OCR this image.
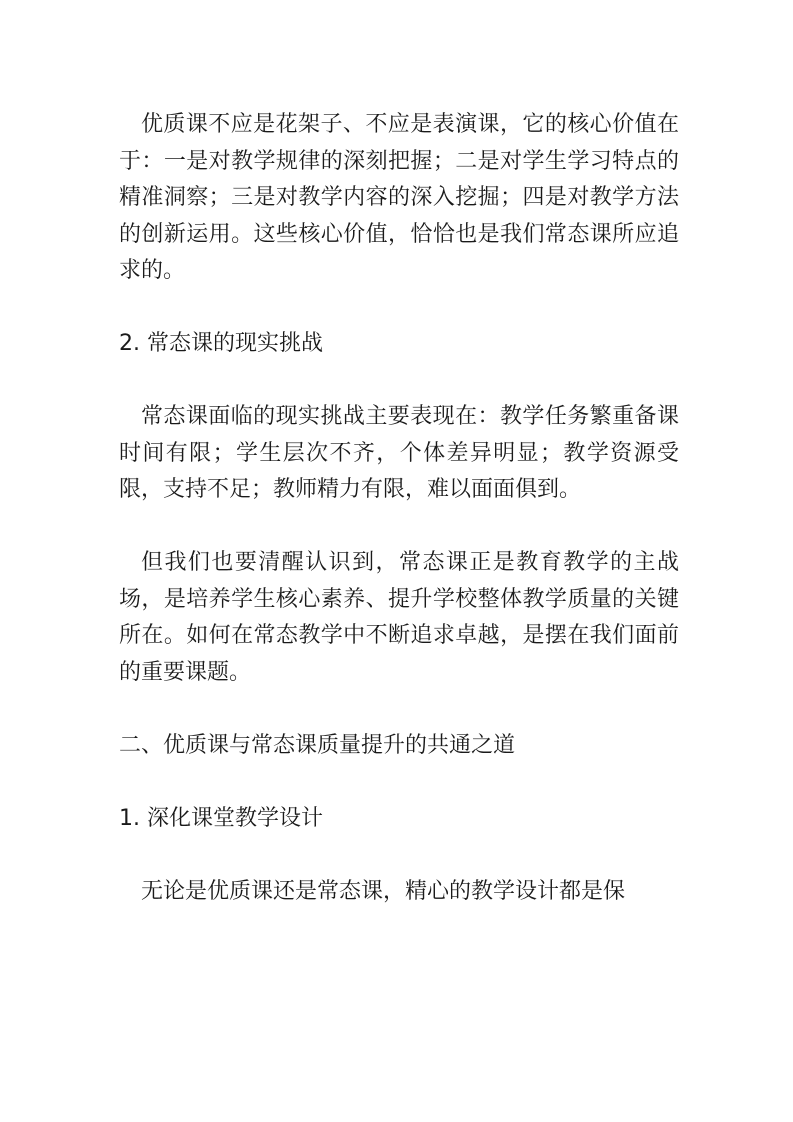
优质课不应是花架子、不应是表演课，它的核心价值在于：一是对教学规律的深刻把握；二是对学生学习特点的精准洞察；三是对教学内容的深入挖掘；四是对教学方法的创新运用。这些核心价值，恰恰也是我们常态课所应追求的。

2. 常态课的现实挑战

常态课面临的现实挑战主要表现在：教学任务繁重备课时间有限；学生层次不齐，个体差异明显；教学资源受限，支持不足；教师精力有限，难以面面俱到。

但我们也要清醒认识到，常态课正是教育教学的主战场，是培养学生核心素养、提升学校整体教学质量的关键所在。如何在常态教学中不断追求卓越，是摆在我们面前的重要课题。

二、优质课与常态课质量提升的共通之道

1. 深化课堂教学设计

无论是优质课还是常态课，精心的教学设计都是保
